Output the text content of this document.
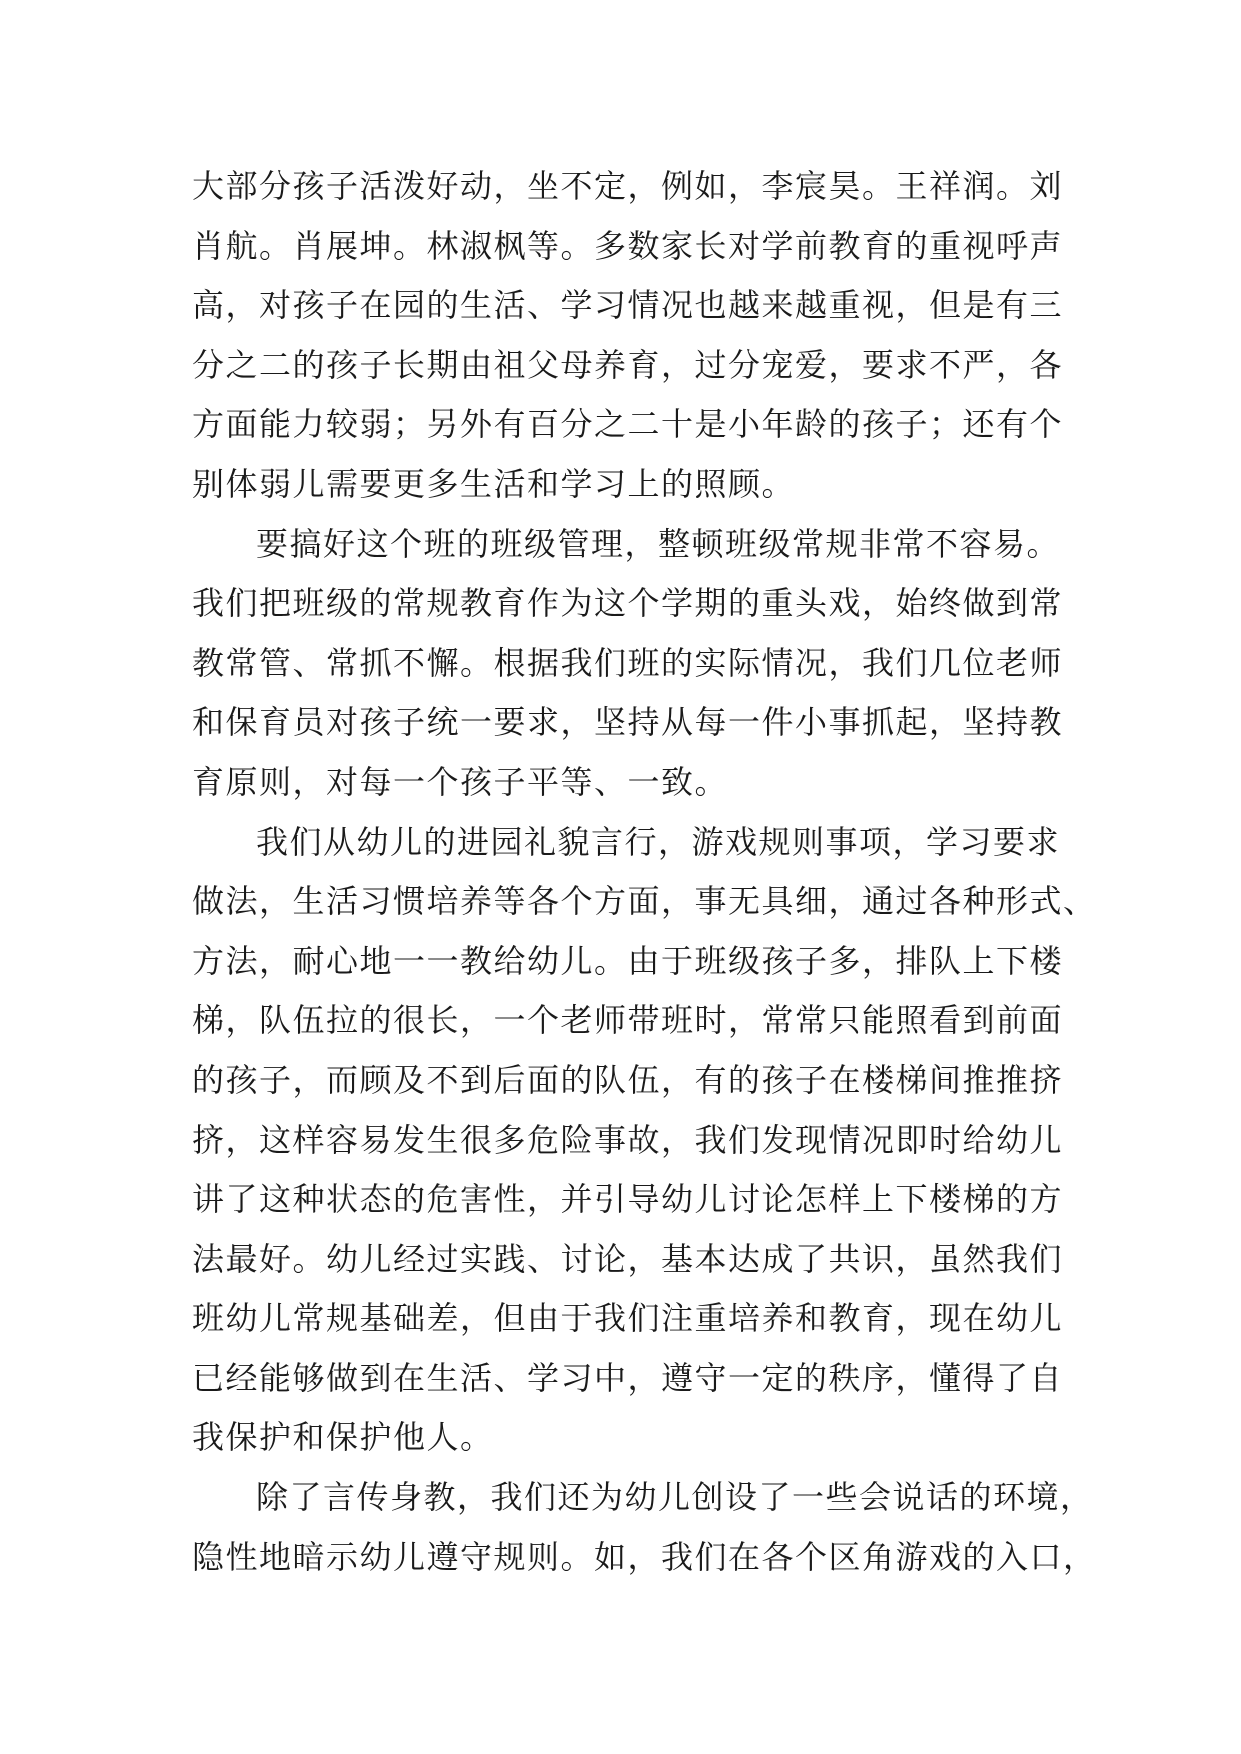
大部分孩子活泼好动，坐不定，例如，李宸昊。王祥润。刘
肖航。肖展坤。林淑枫等。多数家长对学前教育的重视呼声
高，对孩子在园的生活、学习情况也越来越重视，但是有三
分之二的孩子长期由祖父母养育，过分宠爱，要求不严，各
方面能力较弱；另外有百分之二十是小年龄的孩子；还有个
别体弱儿需要更多生活和学习上的照顾。
要搞好这个班的班级管理，整顿班级常规非常不容易。
我们把班级的常规教育作为这个学期的重头戏，始终做到常
教常管、常抓不懈。根据我们班的实际情况，我们几位老师
和保育员对孩子统一要求，坚持从每一件小事抓起，坚持教
育原则，对每一个孩子平等、一致。
我们从幼儿的进园礼貌言行，游戏规则事项，学习要求
做法，生活习惯培养等各个方面，事无具细，通过各种形式、
方法，耐心地一一教给幼儿。由于班级孩子多，排队上下楼
梯，队伍拉的很长，一个老师带班时，常常只能照看到前面
的孩子，而顾及不到后面的队伍，有的孩子在楼梯间推推挤
挤，这样容易发生很多危险事故，我们发现情况即时给幼儿
讲了这种状态的危害性，并引导幼儿讨论怎样上下楼梯的方
法最好。幼儿经过实践、讨论，基本达成了共识，虽然我们
班幼儿常规基础差，但由于我们注重培养和教育，现在幼儿
已经能够做到在生活、学习中，遵守一定的秩序，懂得了自
我保护和保护他人。
除了言传身教，我们还为幼儿创设了一些会说话的环境，
隐性地暗示幼儿遵守规则。如，我们在各个区角游戏的入口，
